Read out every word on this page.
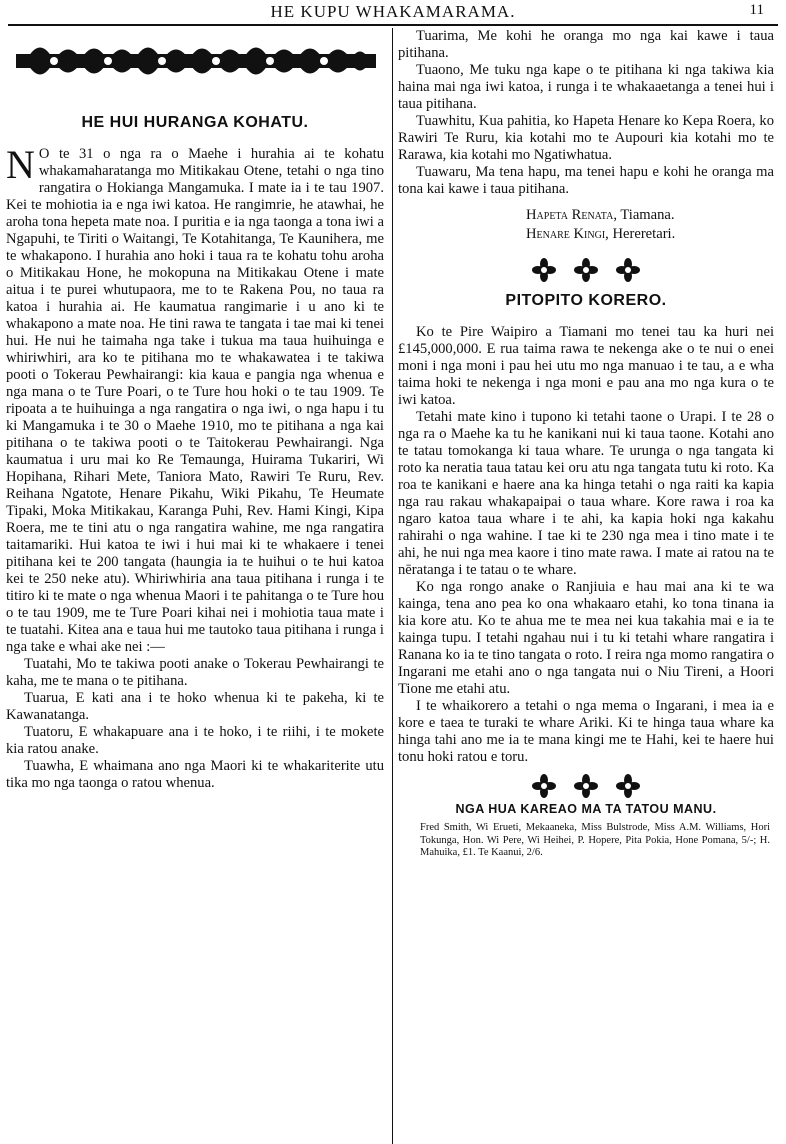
HE KUPU WHAKAMARAMA.	11
HE HUI HURANGA KOHATU.

N O te 31 o nga ra o Maehe i hurahia ai te kohatu whakamaharatanga mo Mitikakau Otene, tetahi o nga tino rangatira o Hokianga Mangamuka. I mate ia i te tau 1907. Kei te mohiotia ia e nga iwi katoa. He rangimrie, he atawhai, he aroha tona hepeta mate noa. I puritia e ia nga taonga a tona iwi a Ngapuhi, te Tiriti o Waitangi, Te Kotahitanga, Te Kaunihera, me te whakapono. I hurahia ano hoki i taua ra te kohatu tohu aroha o Mitikakau Hone, he mokopuna na Mitikakau Otene i mate aitua i te purei whutupaora, me to te Rakena Pou, no taua ra katoa i hurahia ai. He kaumatua rangimarie i u ano ki te whakapono a mate noa. He tini rawa te tangata i tae mai ki tenei hui. He nui he taimaha nga take i tukua ma taua huihuinga e whiriwhiri, ara ko te pitihana mo te whakawatea i te takiwa pooti o Tokerau Pewhairangi: kia kaua e pangia nga whenua e nga mana o te Ture Poari, o te Ture hou hoki o te tau 1909. Te ripoata a te huihuinga a nga rangatira o nga iwi, o nga hapu i tu ki Mangamuka i te 30 o Maehe 1910, mo te pitihana a nga kai pitihana o te takiwa pooti o te Taitokerau Pewhairangi. Nga kaumatua i uru mai ko Re Temaunga, Huirama Tukariri, Wi Hopihana, Rihari Mete, Taniora Mato, Rawiri Te Ruru, Rev. Reihana Ngatote, Henare Pikahu, Wiki Pikahu, Te Heumate Tipaki, Moka Mitikakau, Karanga Puhi, Rev. Hami Kingi, Kipa Roera, me te tini atu o nga rangatira wahine, me nga rangatira taitamariki. Hui katoa te iwi i hui mai ki te whakaere i tenei pitihana kei te 200 tangata (haungia ia te huihui o te hui katoa kei te 250 neke atu). Whiriwhiria ana taua pitihana i runga i te titiro ki te mate o nga whenua Maori i te pahitanga o te Ture hou o te tau 1909, me te Ture Poari kihai nei i mohiotia taua mate i te tuatahi. Kitea ana e taua hui me tautoko taua pitihana i runga i nga take e whai ake nei :—

Tuatahi, Mo te takiwa pooti anake o Tokerau Pewhairangi te kaha, me te mana o te pitihana.

Tuarua, E kati ana i te hoko whenua ki te pakeha, ki te Kawanatanga.

Tuatoru, E whakapuare ana i te hoko, i te riihi, i te mokete kia ratou anake.

Tuawha, E whaimana ano nga Maori ki te whakariterite utu tika mo nga taonga o ratou whenua.

Tuarima, Me kohi he oranga mo nga kai kawe i taua pitihana.

Tuaono, Me tuku nga kape o te pitihana ki nga takiwa kia haina mai nga iwi katoa, i runga i te whakaaetanga a tenei hui i taua pitihana.

Tuawhitu, Kua pahitia, ko Hapeta Henare ko Kepa Roera, ko Rawiri Te Ruru, kia kotahi mo te Aupouri kia kotahi mo te Rarawa, kia kotahi mo Ngatiwhatua.

Tuawaru, Ma tena hapu, ma tenei hapu e kohi he oranga ma tona kai kawe i taua pitihana.

Hapeta Renata, Tiamana.
Henare Kingi, Hereretari.
PITOPITO KORERO.

Ko te Pire Waipiro a Tiamani mo tenei tau ka huri nei £145,000,000. E rua taima rawa te nekenga ake o te nui o enei moni i nga moni i pau hei utu mo nga manuao i te tau, a e wha taima hoki te nekenga i nga moni e pau ana mo nga kura o te iwi katoa.

Tetahi mate kino i tupono ki tetahi taone o Urapi. I te 28 o nga ra o Maehe ka tu he kanikani nui ki taua taone. Kotahi ano te tatau tomokanga ki taua whare. Te urunga o nga tangata ki roto ka neratia taua tatau kei oru atu nga tangata tutu ki roto. Ka roa te kanikani e haere ana ka hinga tetahi o nga raiti ka kapia nga rau rakau whakapaipai o taua whare. Kore rawa i roa ka ngaro katoa taua whare i te ahi, ka kapia hoki nga kakahu rahirahi o nga wahine. I tae ki te 230 nga mea i tino mate i te ahi, he nui nga mea kaore i tino mate rawa. I mate ai ratou na te nēratanga i te tatau o te whare.

Ko nga rongo anake o Ranjiuia e hau mai ana ki te wa kainga, tena ano pea ko ona whakaaro etahi, ko tona tinana ia kia kore atu. Ko te ahua me te mea nei kua takahia mai e ia te kainga tupu. I tetahi ngahau nui i tu ki tetahi whare rangatira i Ranana ko ia te tino tangata o roto. I reira nga momo rangatira o Ingarani me etahi ano o nga tangata nui o Niu Tireni, a Hoori Tione me etahi atu.

I te whaikorero a tetahi o nga mema o Ingarani, i mea ia e kore e taea te turaki te whare Ariki. Ki te hinga taua whare ka hinga tahi ano me ia te mana kingi me te Hahi, kei te haere hui tonu hoki ratou e toru.

NGA HUA KAREAO MA TA TATOU MANU.

Fred Smith, Wi Erueti, Mekaaneka, Miss Bulstrode, Miss A.M. Williams, Hori Tokunga, Hon. Wi Pere, Wi Heihei, P. Hopere, Pita Pokia, Hone Pomana, 5/-; H. Mahuika, £1. Te Kaanui, 2/6.
